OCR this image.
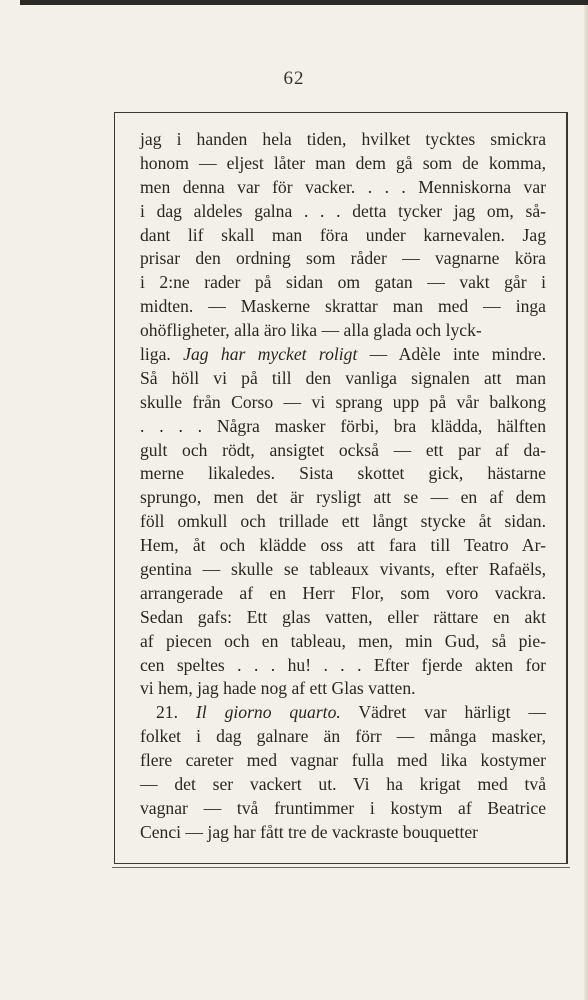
62
jag i handen hela tiden, hvilket tycktes smickra
honom — eljest låter man dem gå som de komma,
men denna var för vacker. . . . Menniskorna var
i dag aldeles galna . . . detta tycker jag om, så-
dant lif skall man föra under karnevalen. Jag
prisar den ordning som råder — vagnarne köra
i 2:ne rader på sidan om gatan — vakt går i
midten. — Maskerne skrattar man med — inga
ohöfligheter, alla äro lika — alla glada och lyck-
liga. Jag har mycket roligt — Adèle inte mindre.
Så höll vi på till den vanliga signalen att man
skulle från Corso — vi sprang upp på vår balkong
. . . . Några masker förbi, bra klädda, hälften
gult och rödt, ansigtet också — ett par af da-
merne likaledes. Sista skottet gick, hästarne
sprungo, men det är rysligt att se — en af dem
föll omkull och trillade ett långt stycke åt sidan.
Hem, åt och klädde oss att fara till Teatro Ar-
gentina — skulle se tableaux vivants, efter Rafaëls,
arrangerade af en Herr Flor, som voro vackra.
Sedan gafs: Ett glas vatten, eller rättare en akt
af piecen och en tableau, men, min Gud, så pie-
cen speltes . . . hu! . . . Efter fjerde akten for
vi hem, jag hade nog af ett Glas vatten.
21. Il giorno quarto. Vädret var härligt —
folket i dag galnare än förr — många masker,
flere careter med vagnar fulla med lika kostymer
— det ser vackert ut. Vi ha krigat med två
vagnar — två fruntimmer i kostym af Beatrice
Cenci — jag har fått tre de vackraste bouquetter
